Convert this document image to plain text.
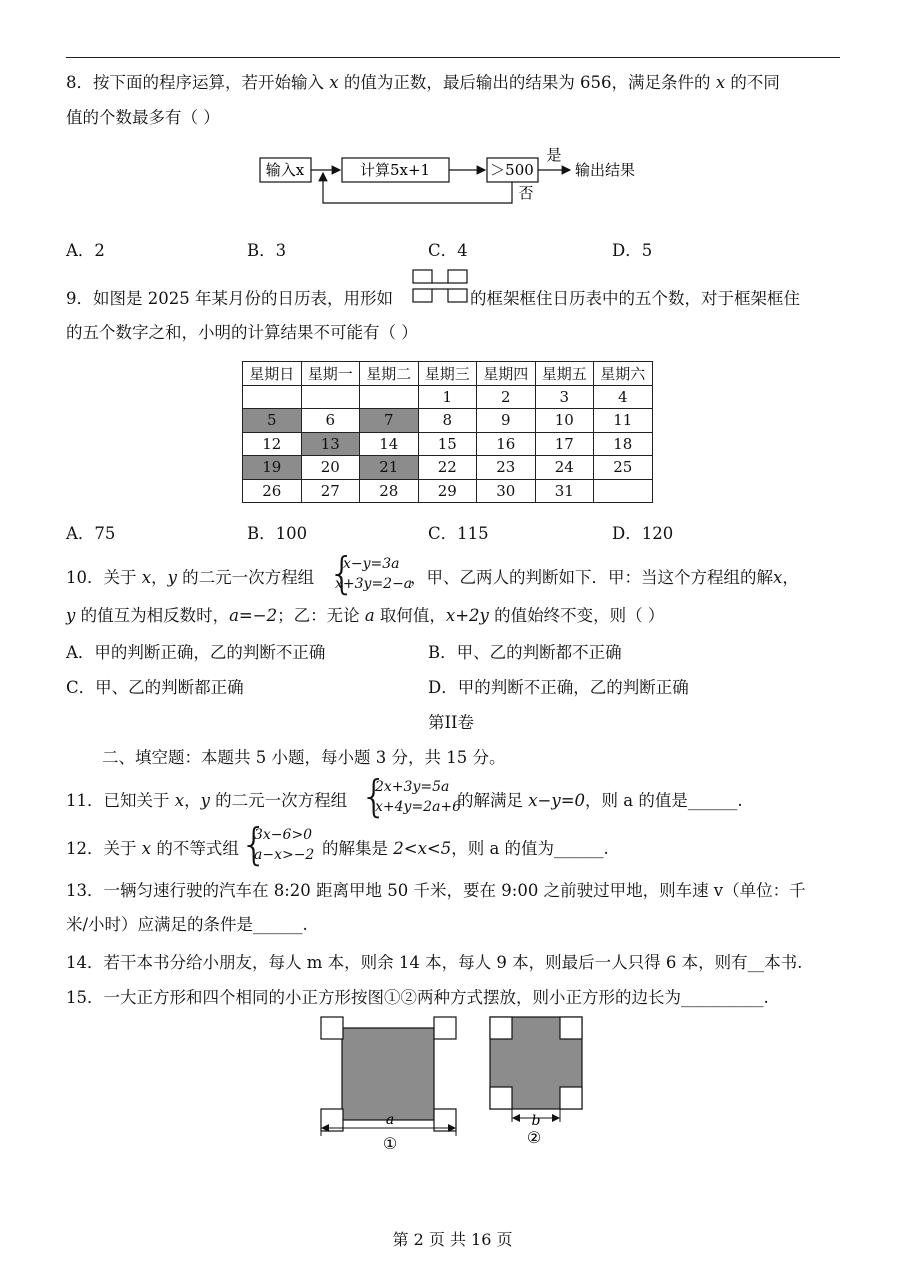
8．按下面的程序运算，若开始输入 x 的值为正数，最后输出的结果为 656，满足条件的 x 的不同
值的个数最多有（ ）
输入x	计算5x+1	＞500
是
输出结果
否
A．2	B．3	C．4	D．5
9．如图是 2025 年某月份的日历表，用形如	的框架框住日历表中的五个数，对于框架框住
的五个数字之和，小明的计算结果不可能有（ ）
星期日	星期一	星期二	星期三	星期四	星期五	星期六
			1	2	3	4
5	6	7	8	9	10	11
12	13	14	15	16	17	18
19	20	21	22	23	24	25
26	27	28	29	30	31	
A．75	B．100	C．115	D．120
10．关于 x，y 的二元一次方程组 {
x−y=3a
x+3y=2−a
，甲、乙两人的判断如下．甲：当这个方程组的解x，
y 的值互为相反数时，a=−2；乙：无论 a 取何值，x+2y 的值始终不变，则（ ）
A．甲的判断正确，乙的判断不正确	B．甲、乙的判断都不正确
C．甲、乙的判断都正确	D．甲的判断不正确，乙的判断正确
第II卷
二、填空题：本题共 5 小题，每小题 3 分，共 15 分。
11．已知关于 x，y 的二元一次方程组 {
2x+3y=5a
x+4y=2a+6
的解满足 x−y=0，则 a 的值是______.
12．关于 x 的不等式组 {
3x−6>0
a−x>−2 的解集是 2<x<5，则 a 的值为______.
13．一辆匀速行驶的汽车在 8:20 距离甲地 50 千米，要在 9:00 之前驶过甲地，则车速 v（单位：千
米/小时）应满足的条件是______.
14．若干本书分给小朋友，每人 m 本，则余 14 本，每人 9 本，则最后一人只得 6 本，则有__本书.
15．一大正方形和四个相同的小正方形按图①②两种方式摆放，则小正方形的边长为__________.
a
①
b
②
第 2 页 共 16 页
